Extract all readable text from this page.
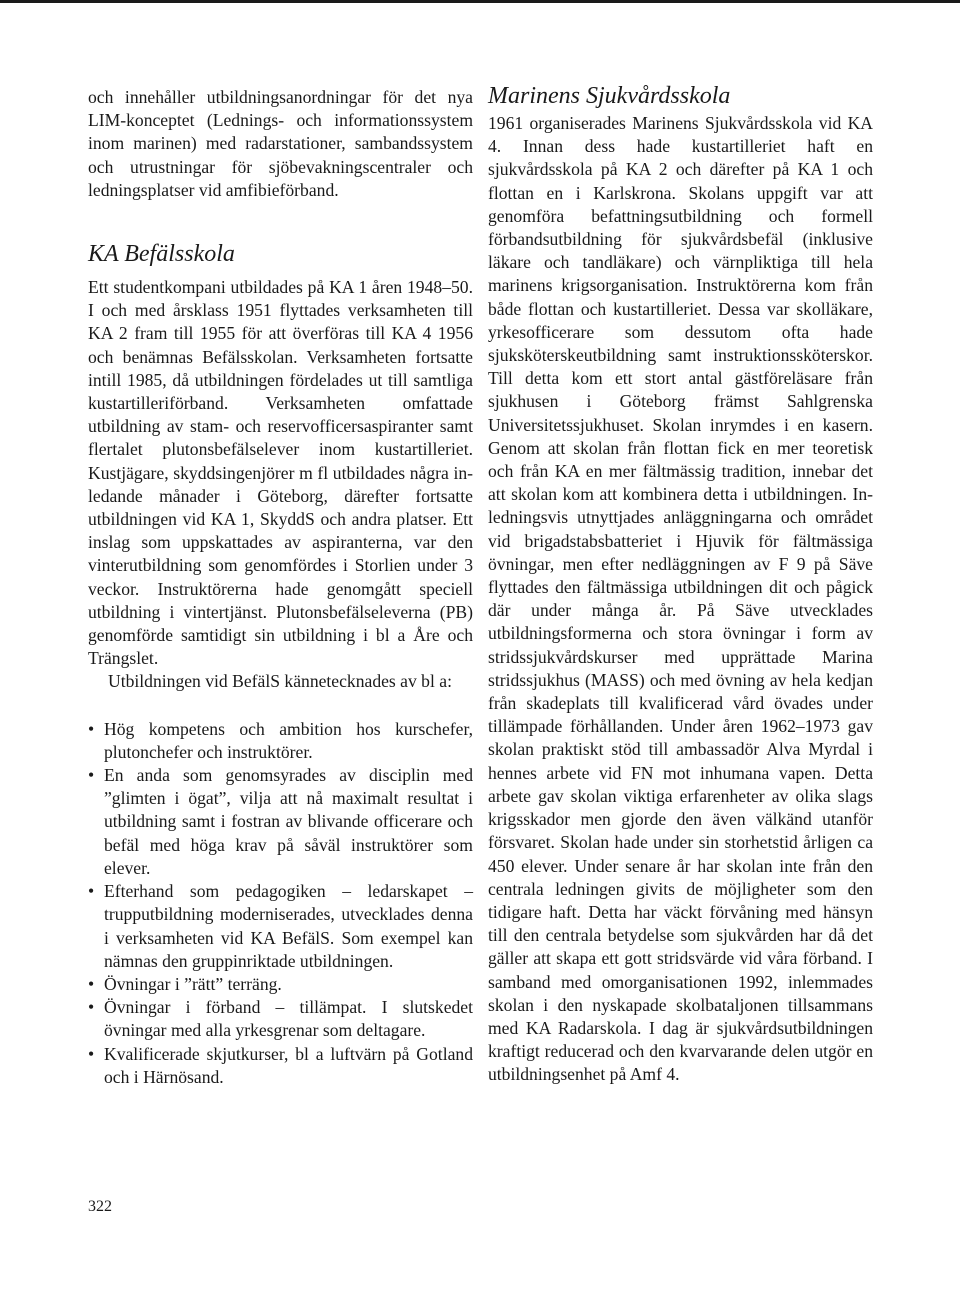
och innehåller utbildningsanordningar för det nya LIM-konceptet (Lednings- och informationssystem inom marinen) med radarstationer, sambandssystem och utrustningar för sjöbevakningscentraler och ledningsplatser vid amfibieförband.

KA Befälsskola

Ett studentkompani utbildades på KA 1 åren 1948–50. I och med årsklass 1951 flyttades verksamheten till KA 2 fram till 1955 för att överföras till KA 4 1956 och benämnas Befälsskolan. Verksamheten fortsatte intill 1985, då utbildningen fördelades ut till samtliga kustartilleriförband. Verksamheten omfattade utbildning av stam- och reservofficersaspiranter samt flertalet plutonsbefälselever inom kustartilleriet. Kustjägare, skyddsingenjörer m fl utbildades några inledande månader i Göteborg, därefter fortsatte utbildningen vid KA 1, SkyddS och andra platser. Ett inslag som uppskattades av aspiranterna, var den vinterutbildning som genomfördes i Storlien under 3 veckor. Instruktörerna hade genomgått speciell utbildning i vintertjänst. Plutonsbefälseleverna (PB) genomförde samtidigt sin utbildning i bl a Åre och Trängslet.

Utbildningen vid BefälS kännetecknades av bl a:

• Hög kompetens och ambition hos kurschefer, plutonchefer och instruktörer.
• En anda som genomsyrades av disciplin med ”glimten i ögat”, vilja att nå maximalt resultat i utbildning samt i fostran av blivande officerare och befäl med höga krav på såväl instruktörer som elever.
• Efterhand som pedagogiken – ledarskapet – trupputbildning moderniserades, utvecklades denna i verksamheten vid KA BefälS. Som exempel kan nämnas den gruppinriktade utbildningen.
• Övningar i ”rätt” terräng.
• Övningar i förband – tillämpat. I slutskedet övningar med alla yrkesgrenar som deltagare.
• Kvalificerade skjutkurser, bl a luftvärn på Gotland och i Härnösand.
Marinens Sjukvårdsskola

1961 organiserades Marinens Sjukvårdsskola vid KA 4. Innan dess hade kustartilleriet haft en sjukvårdsskola på KA 2 och därefter på KA 1 och flottan en i Karlskrona. Skolans uppgift var att genomföra befattningsutbildning och formell förbandsutbildning för sjukvårdsbefäl (inklusive läkare och tandläkare) och värnpliktiga till hela marinens krigsorganisation. Instruktörerna kom från både flottan och kustartilleriet. Dessa var skolläkare, yrkesofficerare som dessutom ofta hade sjuksköterskeutbildning samt instruktionssköterskor. Till detta kom ett stort antal gästföreläsare från sjukhusen i Göteborg främst Sahlgrenska Universitetssjukhuset. Skolan inrymdes i en kasern. Genom att skolan från flottan fick en mer teoretisk och från KA en mer fältmässig tradition, innebar det att skolan kom att kombinera detta i utbildningen. Inledningsvis utnyttjades anläggningarna och området vid brigadstabsbatteriet i Hjuvik för fältmässiga övningar, men efter nedläggningen av F 9 på Säve flyttades den fältmässiga utbildningen dit och pågick där under många år. På Säve utvecklades utbildningsformerna och stora övningar i form av stridssjukvårdskurser med upprättade Marina stridssjukhus (MASS) och med övning av hela kedjan från skadeplats till kvalificerad vård övades under tillämpade förhållanden. Under åren 1962–1973 gav skolan praktiskt stöd till ambassadör Alva Myrdal i hennes arbete vid FN mot inhumana vapen. Detta arbete gav skolan viktiga erfarenheter av olika slags krigsskador men gjorde den även välkänd utanför försvaret. Skolan hade under sin storhetstid årligen ca 450 elever. Under senare år har skolan inte från den centrala ledningen givits de möjligheter som den tidigare haft. Detta har väckt förvåning med hänsyn till den centrala betydelse som sjukvården har då det gäller att skapa ett gott stridsvärde vid våra förband. I samband med omorganisationen 1992, inlemmades skolan i den nyskapade skolbataljonen tillsammans med KA Radarskola. I dag är sjukvårdsutbildningen kraftigt reducerad och den kvarvarande delen utgör en utbildningsenhet på Amf 4.

322
